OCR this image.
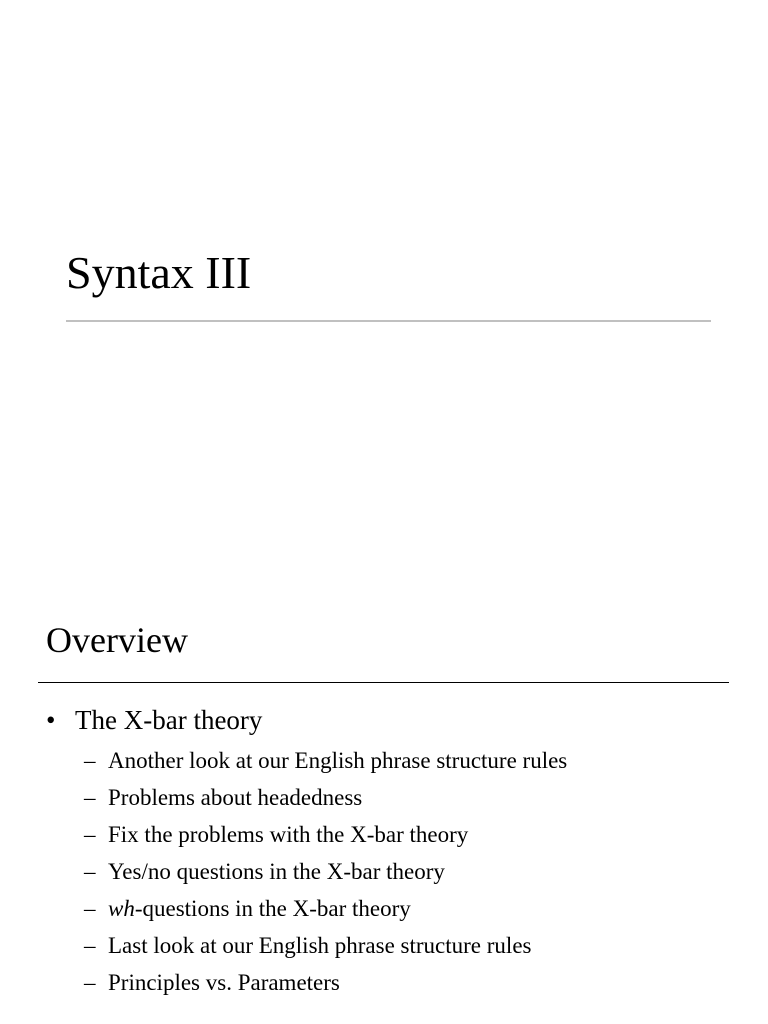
Syntax III
Overview
• The X-bar theory
– Another look at our English phrase structure rules
– Problems about headedness
– Fix the problems with the X-bar theory
– Yes/no questions in the X-bar theory
– wh-questions in the X-bar theory
– Last look at our English phrase structure rules
– Principles vs. Parameters
